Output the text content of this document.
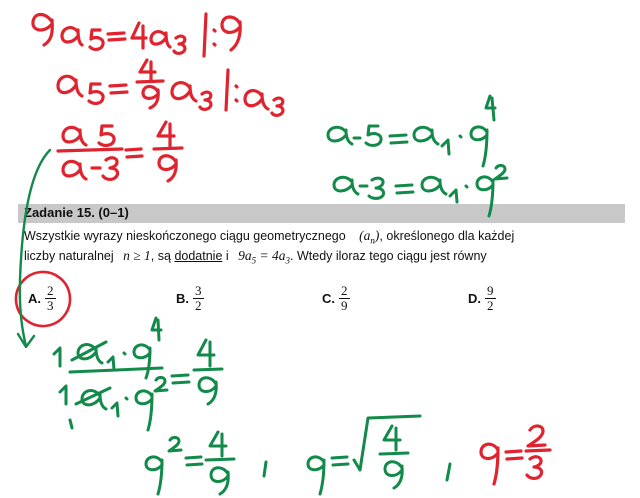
Zadanie 15. (0–1)
Wszystkie wyrazy nieskończonego ciągu geometrycznego $(a_n)$, określonego dla każdej
liczby naturalnej n ≥ 1, są dodatnie i $9a_5 = 4a_3$. Wtedy iloraz tego ciągu jest równy
A. $\frac{2}{3}$	B. $\frac{3}{2}$	C. $\frac{2}{9}$	D. $\frac{9}{2}$
